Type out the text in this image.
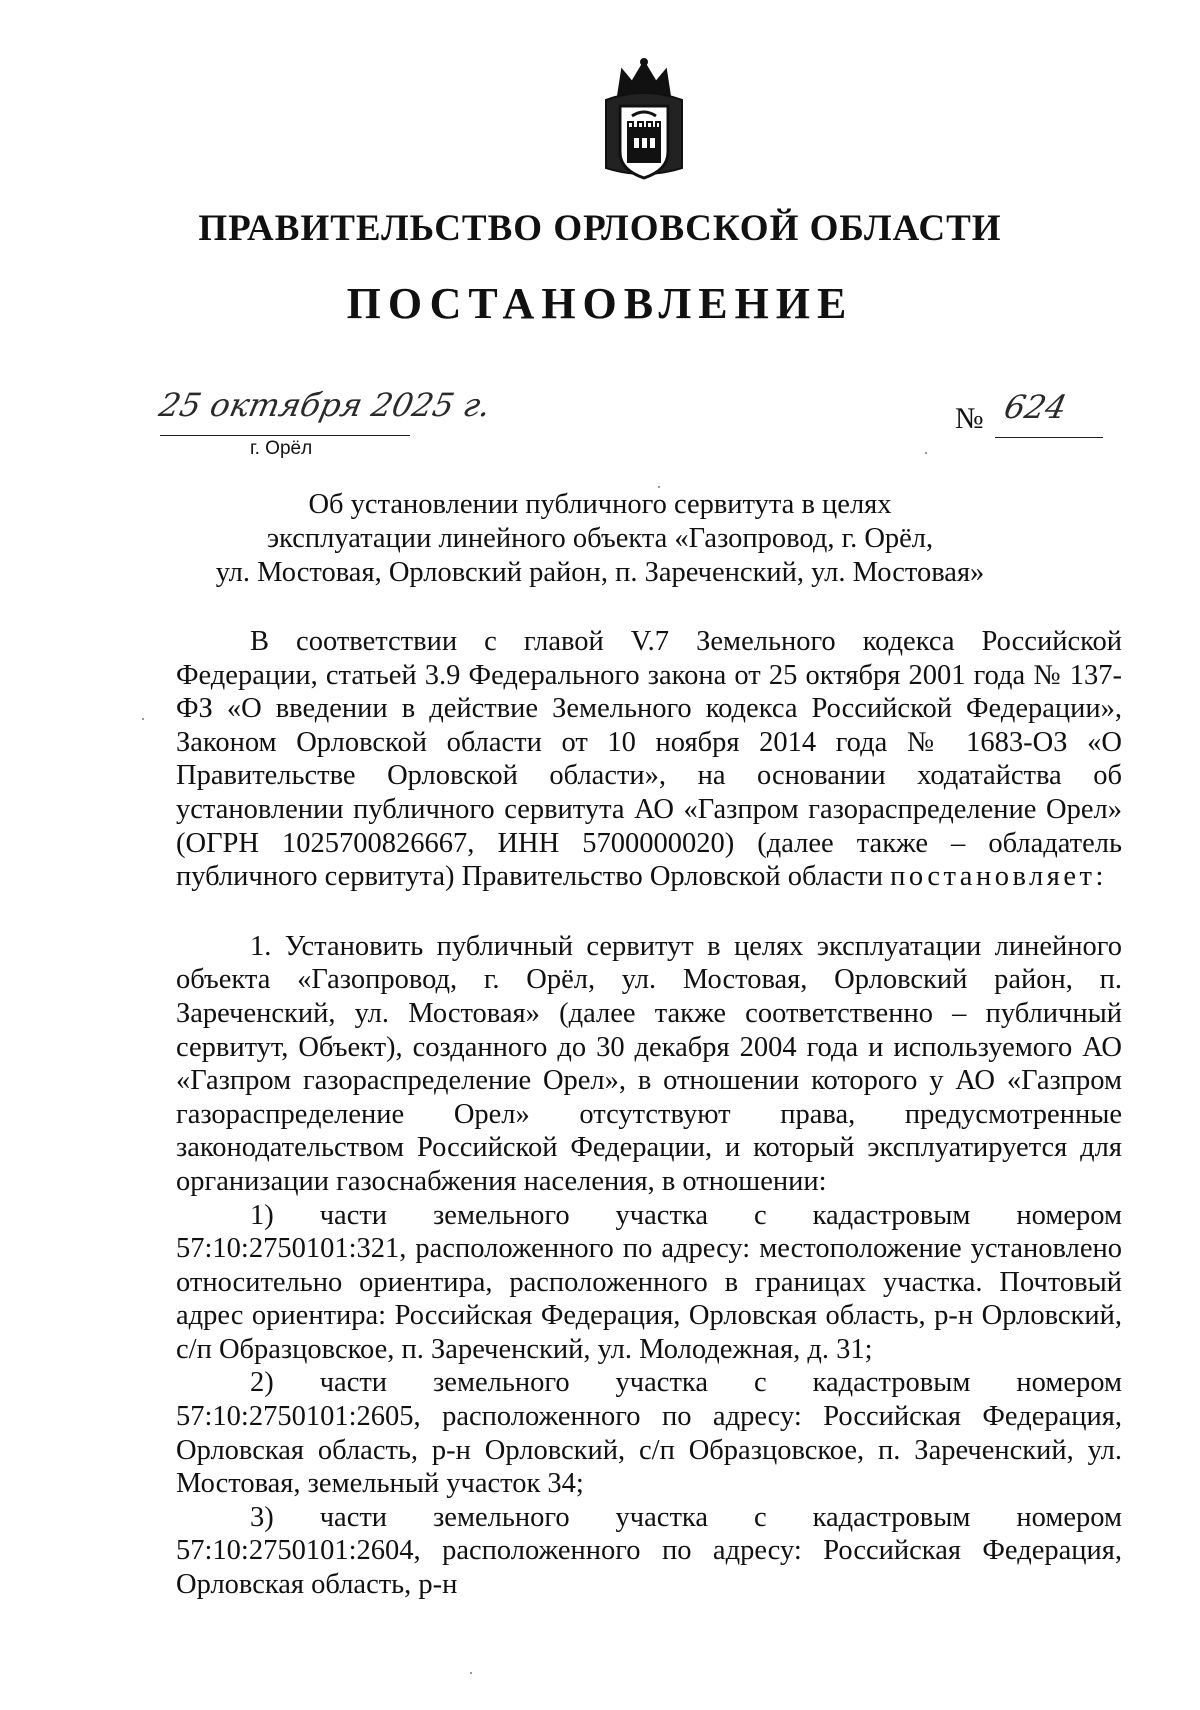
ПРАВИТЕЛЬСТВО ОРЛОВСКОЙ ОБЛАСТИ
ПОСТАНОВЛЕНИЕ
25 октября 2025 г.
г. Орёл
№ 624
Об установлении публичного сервитута в целях
эксплуатации линейного объекта «Газопровод, г. Орёл,
ул. Мостовая, Орловский район, п. Зареченский, ул. Мостовая»

В соответствии с главой V.7 Земельного кодекса Российской Федерации, статьей 3.9 Федерального закона от 25 октября 2001 года № 137-ФЗ «О введении в действие Земельного кодекса Российской Федерации», Законом Орловской области от 10 ноября 2014 года № 1683-ОЗ «О Правительстве Орловской области», на основании ходатайства об установлении публичного сервитута АО «Газпром газораспределение Орел» (ОГРН 1025700826667, ИНН 5700000020) (далее также – обладатель публичного сервитута) Правительство Орловской области постановляет:

1. Установить публичный сервитут в целях эксплуатации линейного объекта «Газопровод, г. Орёл, ул. Мостовая, Орловский район, п. Зареченский, ул. Мостовая» (далее также соответственно – публичный сервитут, Объект), созданного до 30 декабря 2004 года и используемого АО «Газпром газораспределение Орел», в отношении которого у АО «Газпром газораспределение Орел» отсутствуют права, предусмотренные законодательством Российской Федерации, и который эксплуатируется для организации газоснабжения населения, в отношении:

1) части земельного участка с кадастровым номером 57:10:2750101:321, расположенного по адресу: местоположение установлено относительно ориентира, расположенного в границах участка. Почтовый адрес ориентира: Российская Федерация, Орловская область, р-н Орловский, с/п Образцовское, п. Зареченский, ул. Молодежная, д. 31;

2) части земельного участка с кадастровым номером 57:10:2750101:2605, расположенного по адресу: Российская Федерация, Орловская область, р-н Орловский, с/п Образцовское, п. Зареченский, ул. Мостовая, земельный участок 34;

3) части земельного участка с кадастровым номером 57:10:2750101:2604, расположенного по адресу: Российская Федерация, Орловская область, р-н
